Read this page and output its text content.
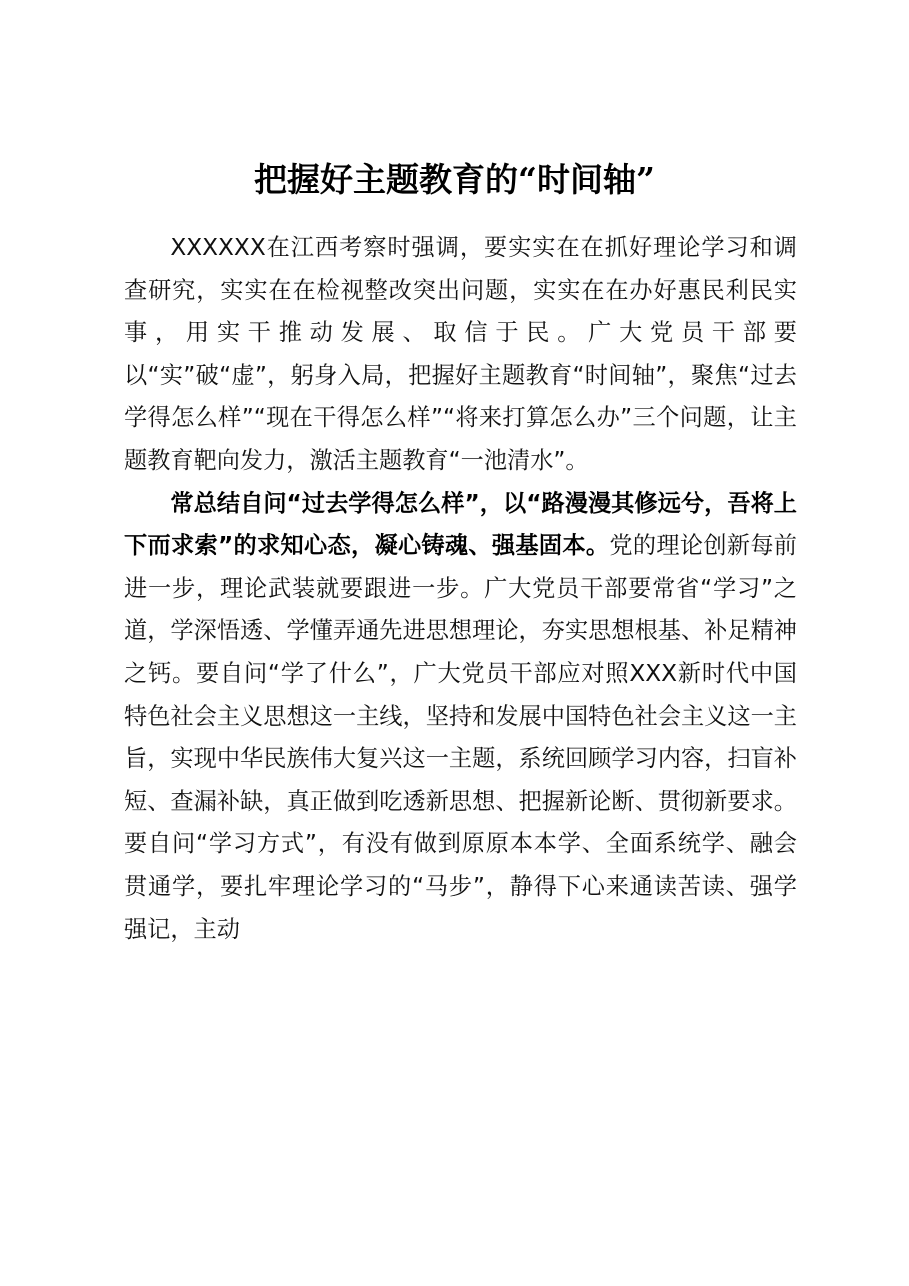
把握好主题教育的“时间轴”

XXXXXX在江西考察时强调，要实实在在抓好理论学习和调查研究，实实在在检视整改突出问题，实实在在办好惠民利民实事，用实干推动发展、取信于民。广大党员干部要以“实”破“虚”，躬身入局，把握好主题教育“时间轴”，聚焦“过去学得怎么样”“现在干得怎么样”“将来打算怎么办”三个问题，让主题教育靶向发力，激活主题教育“一池清水”。

常总结自问“过去学得怎么样”，以“路漫漫其修远兮，吾将上下而求索”的求知心态，凝心铸魂、强基固本。党的理论创新每前进一步，理论武装就要跟进一步。广大党员干部要常省“学习”之道，学深悟透、学懂弄通先进思想理论，夯实思想根基、补足精神之钙。要自问“学了什么”，广大党员干部应对照XXX新时代中国特色社会主义思想这一主线，坚持和发展中国特色社会主义这一主旨，实现中华民族伟大复兴这一主题，系统回顾学习内容，扫盲补短、查漏补缺，真正做到吃透新思想、把握新论断、贯彻新要求。要自问“学习方式”，有没有做到原原本本学、全面系统学、融会贯通学，要扎牢理论学习的“马步”，静得下心来通读苦读、强学强记，主动
